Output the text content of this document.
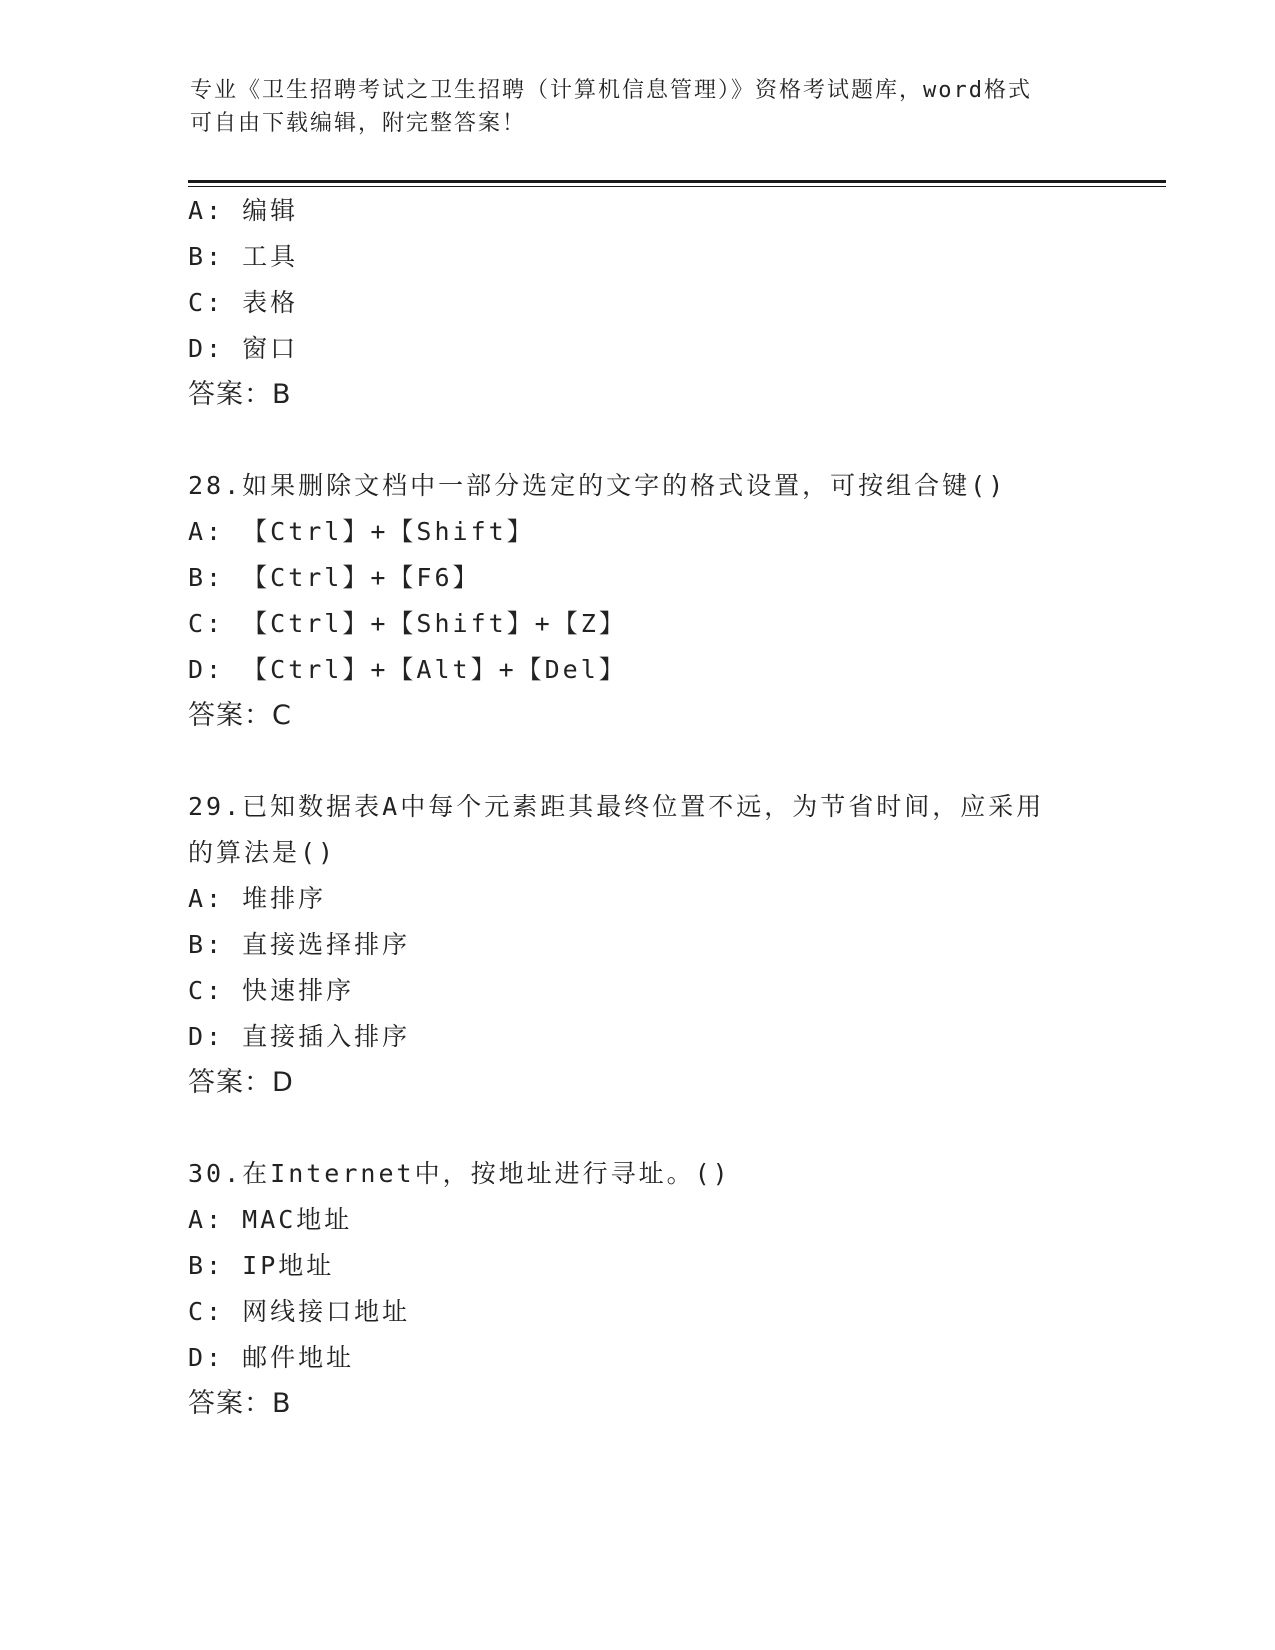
专业《卫生招聘考试之卫生招聘（计算机信息管理）》资格考试题库，word格式
可自由下载编辑，附完整答案！
A: 编辑
B: 工具
C: 表格
D: 窗口
答案：B
28.如果删除文档中一部分选定的文字的格式设置，可按组合键()
A: 【Ctrl】+【Shift】
B: 【Ctrl】+【F6】
C: 【Ctrl】+【Shift】+【Z】
D: 【Ctrl】+【Alt】+【Del】
答案：C
29.已知数据表A中每个元素距其最终位置不远，为节省时间，应采用
的算法是()
A: 堆排序
B: 直接选择排序
C: 快速排序
D: 直接插入排序
答案：D
30.在Internet中，按地址进行寻址。()
A: MAC地址
B: IP地址
C: 网线接口地址
D: 邮件地址
答案：B
